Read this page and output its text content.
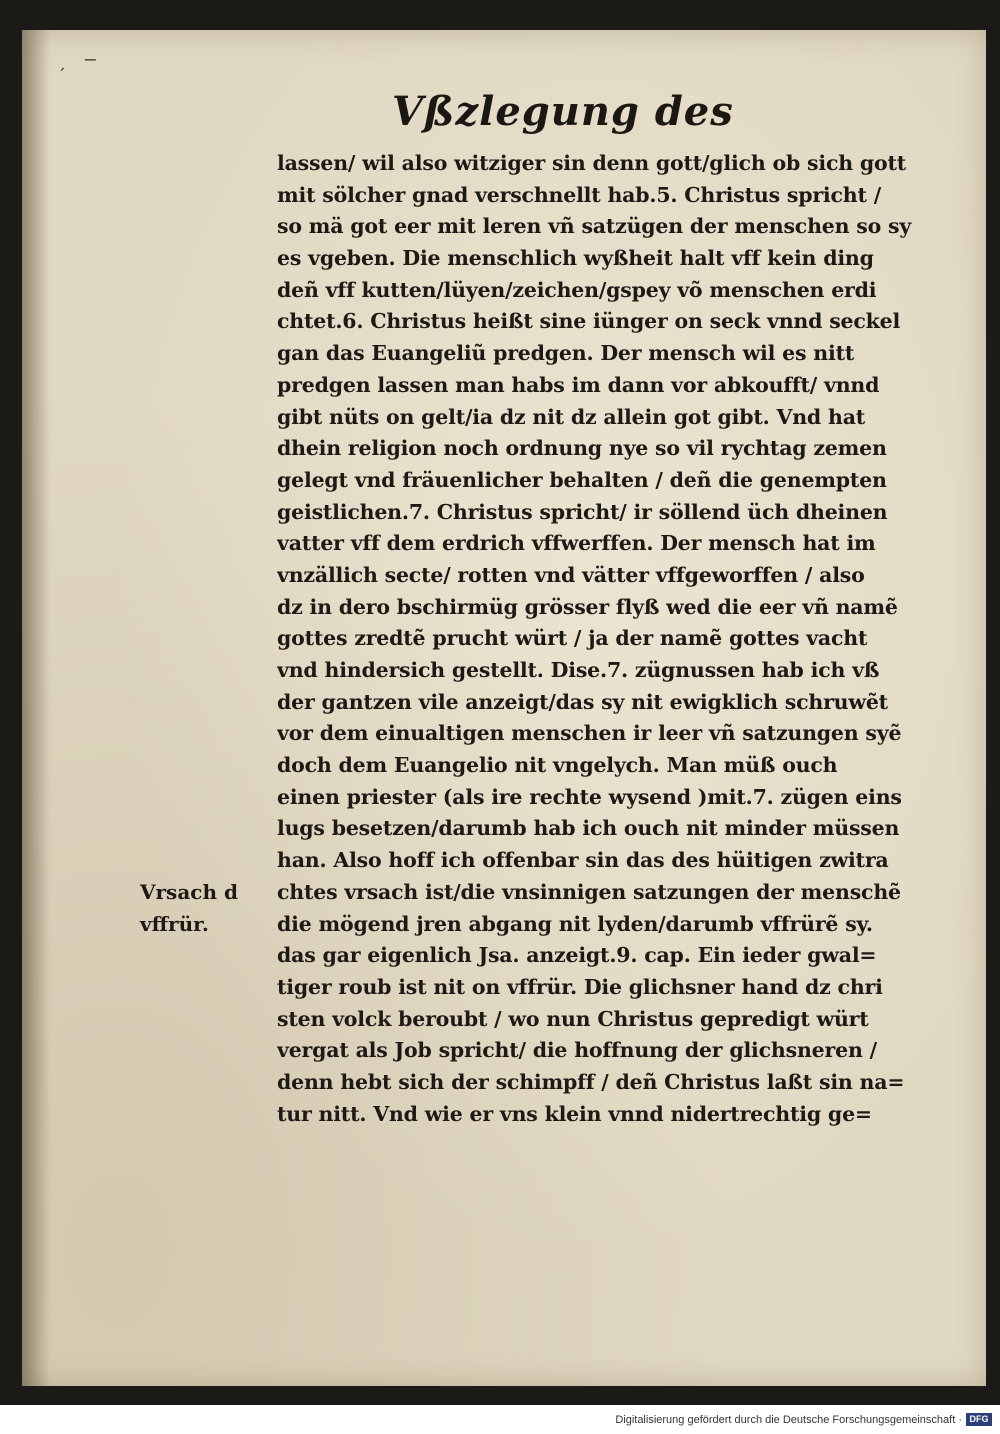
´
‒
Vßzlegung des
lassen/ wil also witziger sin denn gott/glich ob sich gott
mit sölcher gnad verschnellt hab.5. Christus spricht /
so mä got eer mit leren vñ satzügen der menschen so sy
es vgeben. Die menschlich wyßheit halt vff kein ding
deñ vff kutten/lüyen/zeichen/gspey võ menschen erdi
chtet.6. Christus heißt sine iünger on seck vnnd seckel
gan das Euangeliũ predgen. Der mensch wil es nitt
predgen lassen man habs im dann vor abkoufft/ vnnd
gibt nüts on gelt/ia dz nit dz allein got gibt. Vnd hat
dhein religion noch ordnung nye so vil rychtag zemen
gelegt vnd fräuenlicher behalten / deñ die genempten
geistlichen.7. Christus spricht/ ir söllend üch dheinen
vatter vff dem erdrich vffwerffen. Der mensch hat im
vnzällich secte/ rotten vnd vätter vffgeworffen / also
dz in dero bschirmüg grösser flyß wed die eer vñ namẽ
gottes zredtẽ prucht würt / ja der namẽ gottes vacht
vnd hindersich gestellt. Dise.7. zügnussen hab ich vß
der gantzen vile anzeigt/das sy nit ewigklich schruwẽt
vor dem einualtigen menschen ir leer vñ satzungen syẽ
doch dem Euangelio nit vngelych. Man müß ouch
einen priester (als ire rechte wysend )mit.7. zügen eins
lugs besetzen/darumb hab ich ouch nit minder müssen
han. Also hoff ich offenbar sin das des hüitigen zwitra
chtes vrsach ist/die vnsinnigen satzungen der menschẽ
die mögend jren abgang nit lyden/darumb vffrürẽ sy.
das gar eigenlich Jsa. anzeigt.9. cap. Ein ieder gwal=
tiger roub ist nit on vffrür. Die glichsner hand dz chri
sten volck beroubt / wo nun Christus gepredigt würt
vergat als Job spricht/ die hoffnung der glichsneren /
denn hebt sich der schimpff / deñ Christus laßt sin na=
tur nitt. Vnd wie er vns klein vnnd nidertrechtig ge=
Vrsach d
vffrür.
Digitalisierung gefördert durch die Deutsche Forschungsgemeinschaft · DFG
